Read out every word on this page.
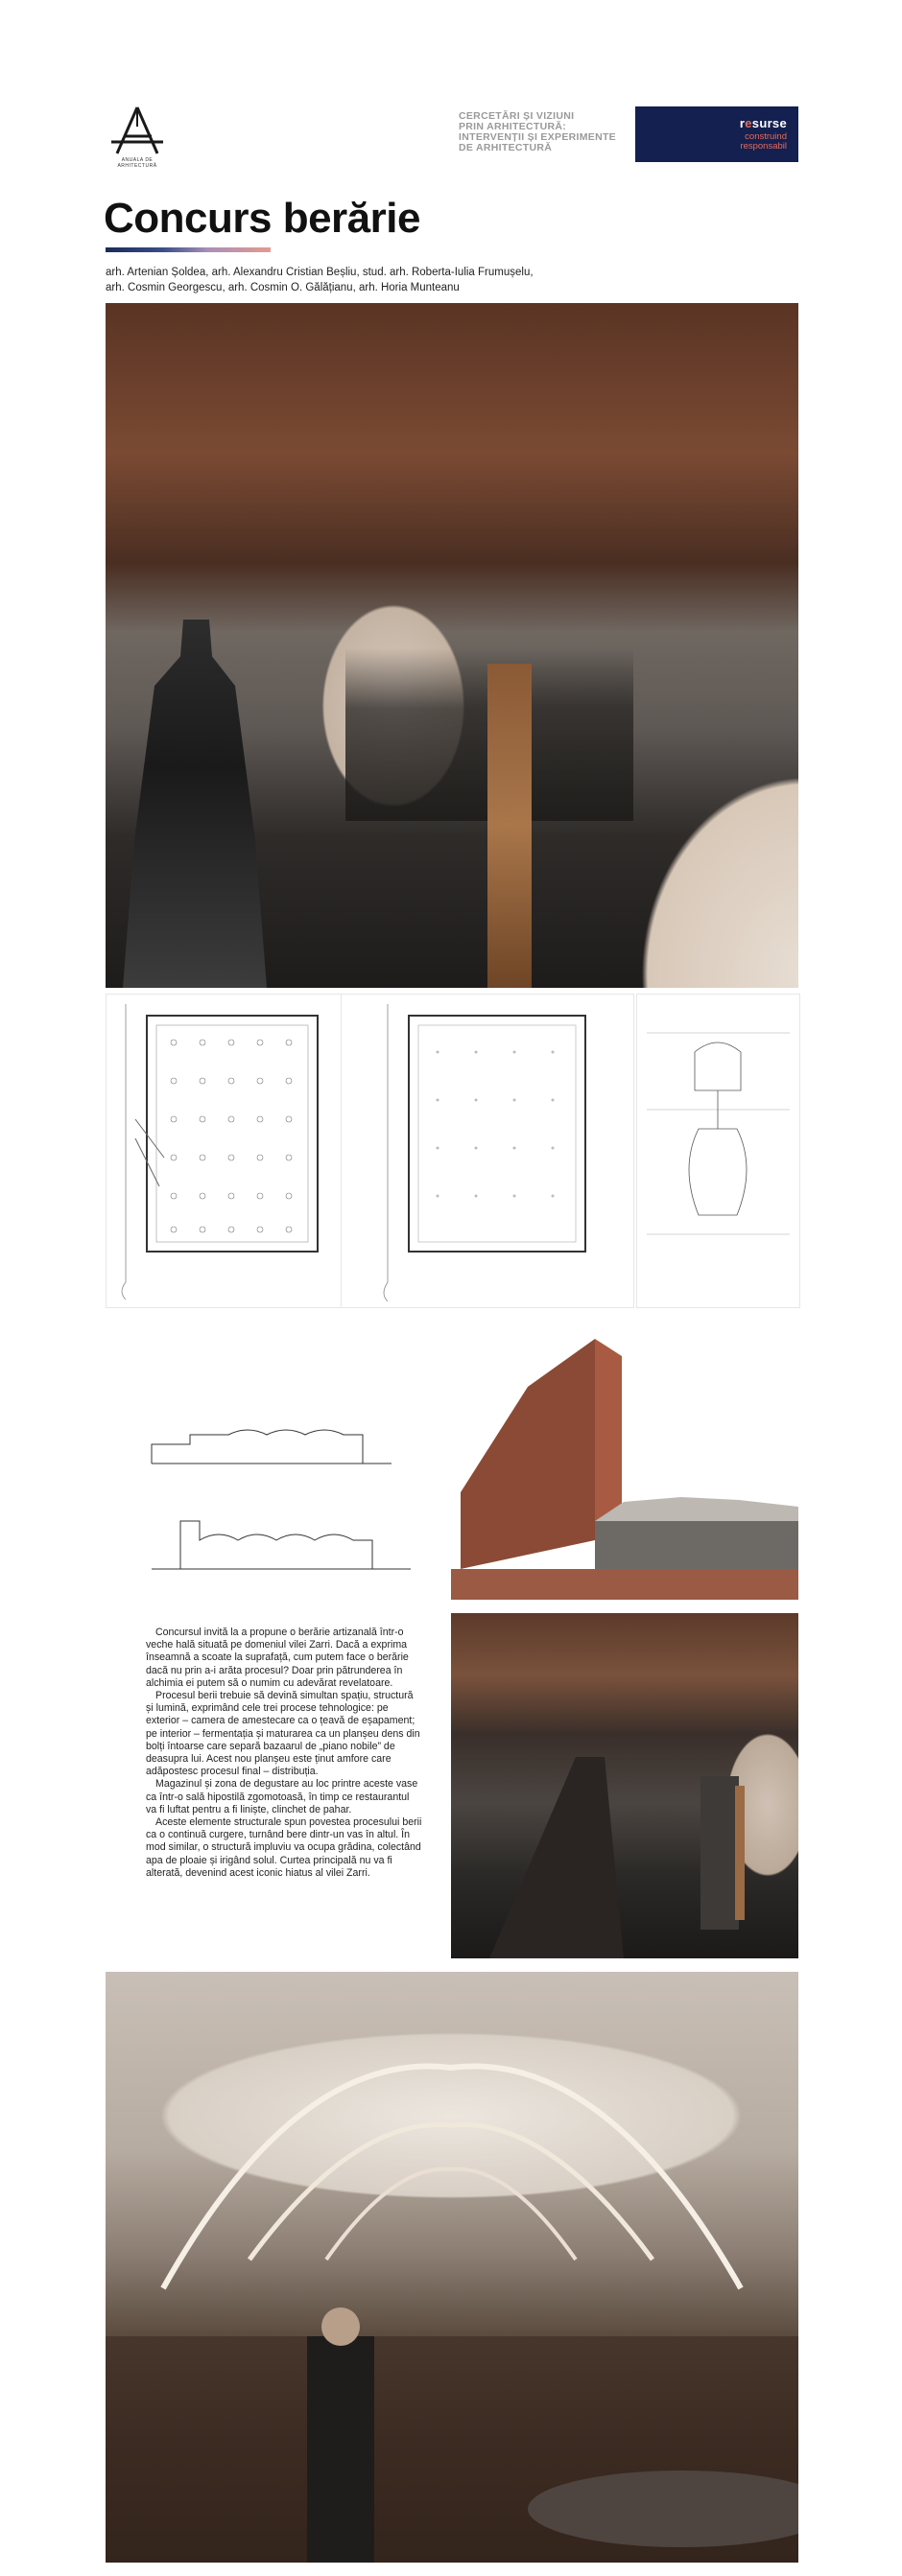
ANUALA DE ARHITECTURĂ
CERCETĂRI ȘI VIZIUNI
PRIN ARHITECTURĂ:
INTERVENȚII ȘI EXPERIMENTE
DE ARHITECTURĂ
resurse
construind
responsabil
Concurs berărie
arh. Artenian Șoldea, arh. Alexandru Cristian Beșliu, stud. arh. Roberta-Iulia Frumușelu,
arh. Cosmin Georgescu, arh. Cosmin O. Gălățianu, arh. Horia Munteanu

Concursul invită la a propune o berărie artizanală într-o veche hală situată pe domeniul vilei Zarri. Dacă a exprima înseamnă a scoate la suprafață, cum putem face o berărie dacă nu prin a-i arăta procesul? Doar prin pătrunderea în alchimia ei putem să o numim cu adevărat revelatoare.

Procesul berii trebuie să devină simultan spațiu, structură și lumină, exprimând cele trei procese tehnologice: pe exterior – camera de amestecare ca o țeavă de eșapament; pe interior – fermentația și maturarea ca un planșeu dens din bolți întoarse care separă bazaarul de „piano nobile” de deasupra lui. Acest nou planșeu este ținut amfore care adăpostesc procesul final – distribuția.

Magazinul și zona de degustare au loc printre aceste vase ca într-o sală hipostilă zgomotoasă, în timp ce restaurantul va fi luftat pentru a fi liniște, clinchet de pahar.

Aceste elemente structurale spun povestea procesului berii ca o continuă curgere, turnând bere dintr-un vas în altul. În mod similar, o structură impluviu va ocupa grădina, colectând apa de ploaie și irigând solul. Curtea principală nu va fi alterată, devenind acest iconic hiatus al vilei Zarri.
